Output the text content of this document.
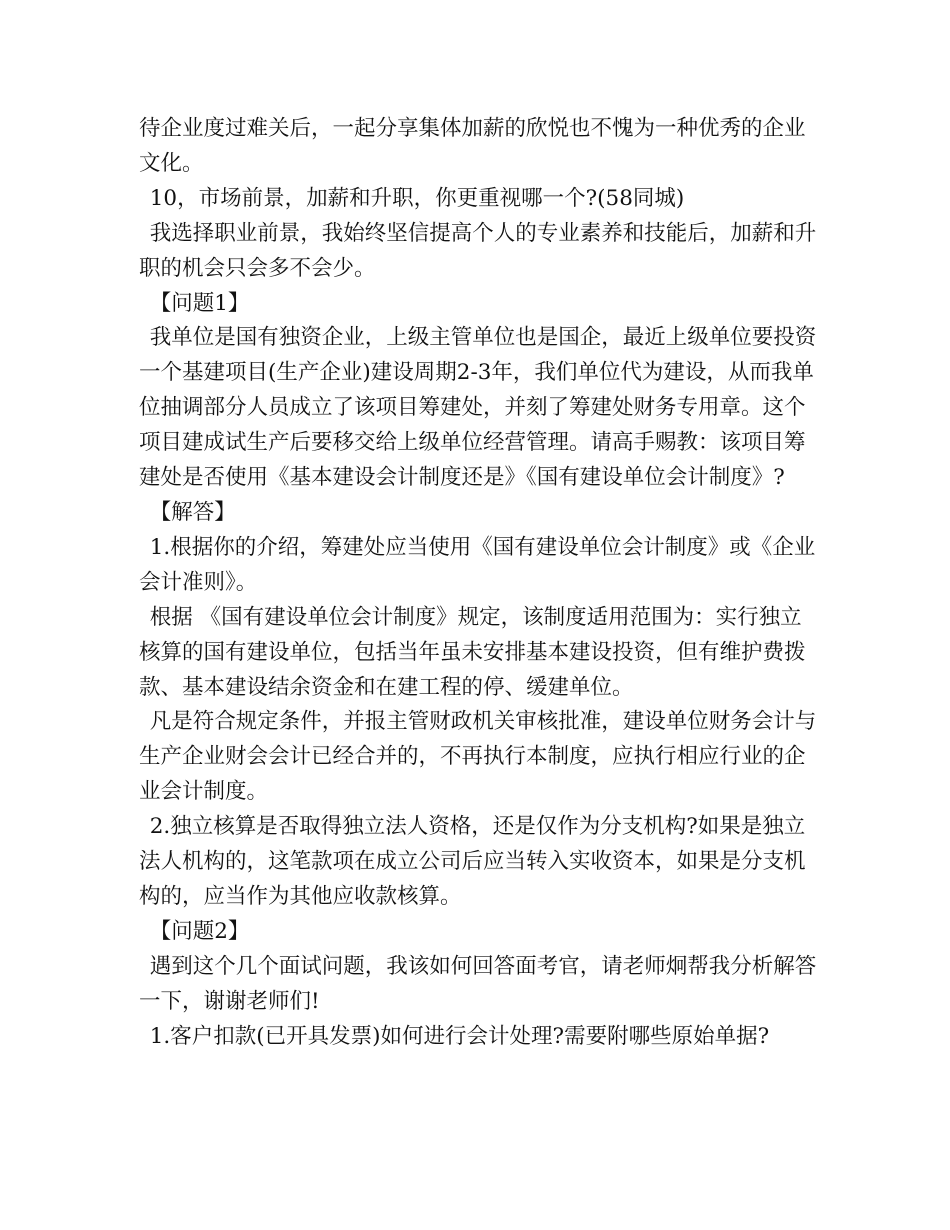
待企业度过难关后，一起分享集体加薪的欣悦也不愧为一种优秀的企业文化。

10，市场前景，加薪和升职，你更重视哪一个?(58同城)

我选择职业前景，我始终坚信提高个人的专业素养和技能后，加薪和升职的机会只会多不会少。

【问题1】

我单位是国有独资企业，上级主管单位也是国企，最近上级单位要投资一个基建项目(生产企业)建设周期2-3年，我们单位代为建设，从而我单位抽调部分人员成立了该项目筹建处，并刻了筹建处财务专用章。这个项目建成试生产后要移交给上级单位经营管理。请高手赐教：该项目筹建处是否使用《基本建设会计制度还是》《国有建设单位会计制度》?

【解答】

1.根据你的介绍，筹建处应当使用《国有建设单位会计制度》或《企业会计准则》。

根据 《国有建设单位会计制度》规定，该制度适用范围为：实行独立核算的国有建设单位，包括当年虽未安排基本建设投资，但有维护费拨款、基本建设结余资金和在建工程的停、缓建单位。

凡是符合规定条件，并报主管财政机关审核批准，建设单位财务会计与生产企业财会会计已经合并的，不再执行本制度，应执行相应行业的企业会计制度。

2.独立核算是否取得独立法人资格，还是仅作为分支机构?如果是独立法人机构的，这笔款项在成立公司后应当转入实收资本，如果是分支机构的，应当作为其他应收款核算。

【问题2】

遇到这个几个面试问题，我该如何回答面考官，请老师炯帮我分析解答一下，谢谢老师们!

1.客户扣款(已开具发票)如何进行会计处理?需要附哪些原始单据?
